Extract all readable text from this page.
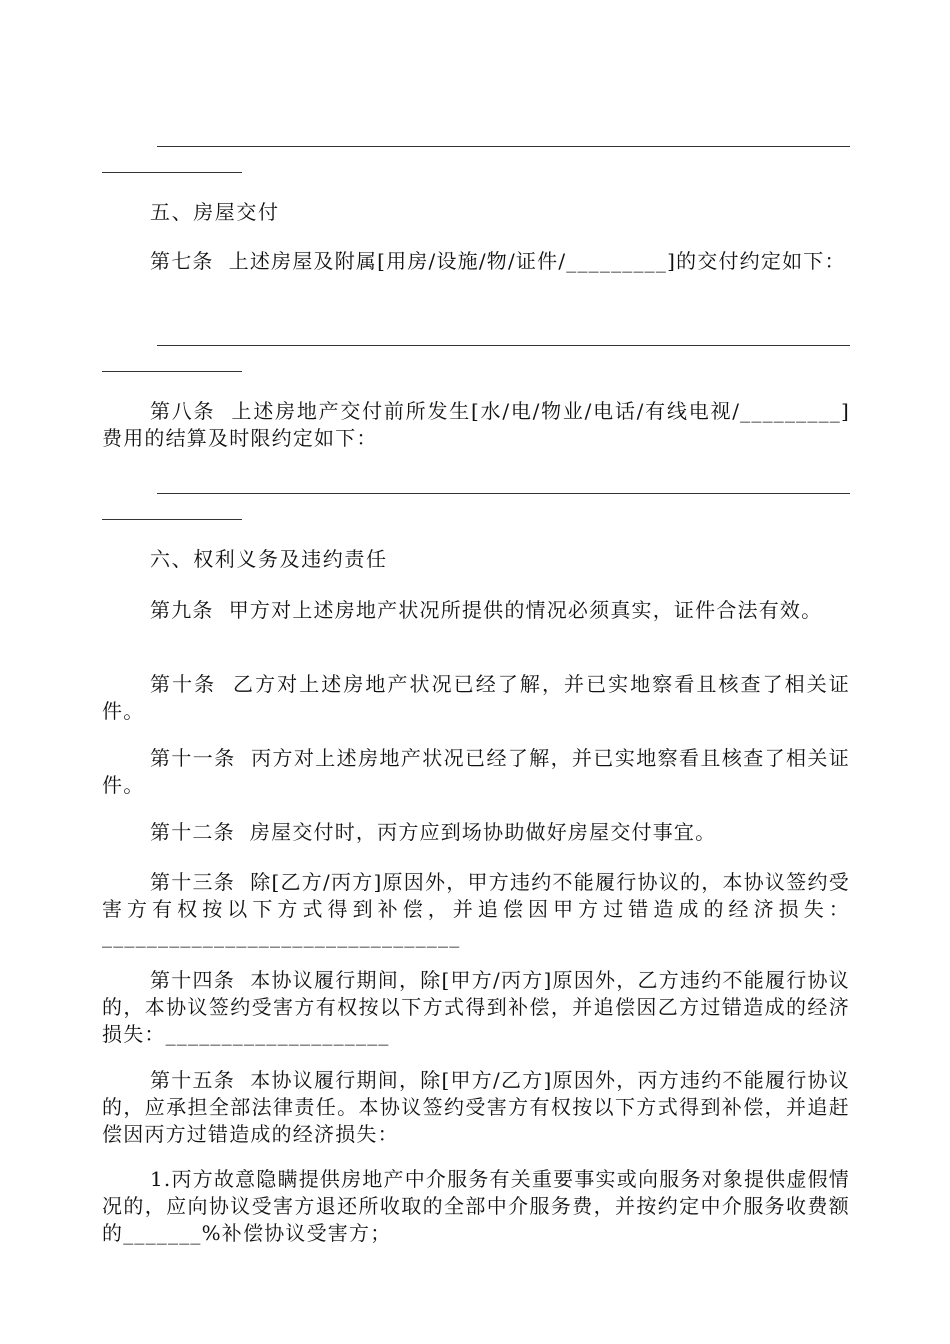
五、房屋交付

第七条  上述房屋及附属[用房/设施/物/证件/_________]的交付约定如下：

第八条  上述房地产交付前所发生[水/电/物业/电话/有线电视/_________]费用的结算及时限约定如下：

六、权利义务及违约责任

第九条  甲方对上述房地产状况所提供的情况必须真实，证件合法有效。

第十条  乙方对上述房地产状况已经了解，并已实地察看且核查了相关证件。

第十一条  丙方对上述房地产状况已经了解，并已实地察看且核查了相关证件。

第十二条  房屋交付时，丙方应到场协助做好房屋交付事宜。

第十三条  除[乙方/丙方]原因外，甲方违约不能履行协议的，本协议签约受害方有权按以下方式得到补偿，并追偿因甲方过错造成的经济损失：________________________________

第十四条  本协议履行期间，除[甲方/丙方]原因外，乙方违约不能履行协议的，本协议签约受害方有权按以下方式得到补偿，并追偿因乙方过错造成的经济损失：____________________

第十五条  本协议履行期间，除[甲方/乙方]原因外，丙方违约不能履行协议的，应承担全部法律责任。本协议签约受害方有权按以下方式得到补偿，并追赶偿因丙方过错造成的经济损失：

1.丙方故意隐瞒提供房地产中介服务有关重要事实或向服务对象提供虚假情况的，应向协议受害方退还所收取的全部中介服务费，并按约定中介服务收费额的_______%补偿协议受害方；
